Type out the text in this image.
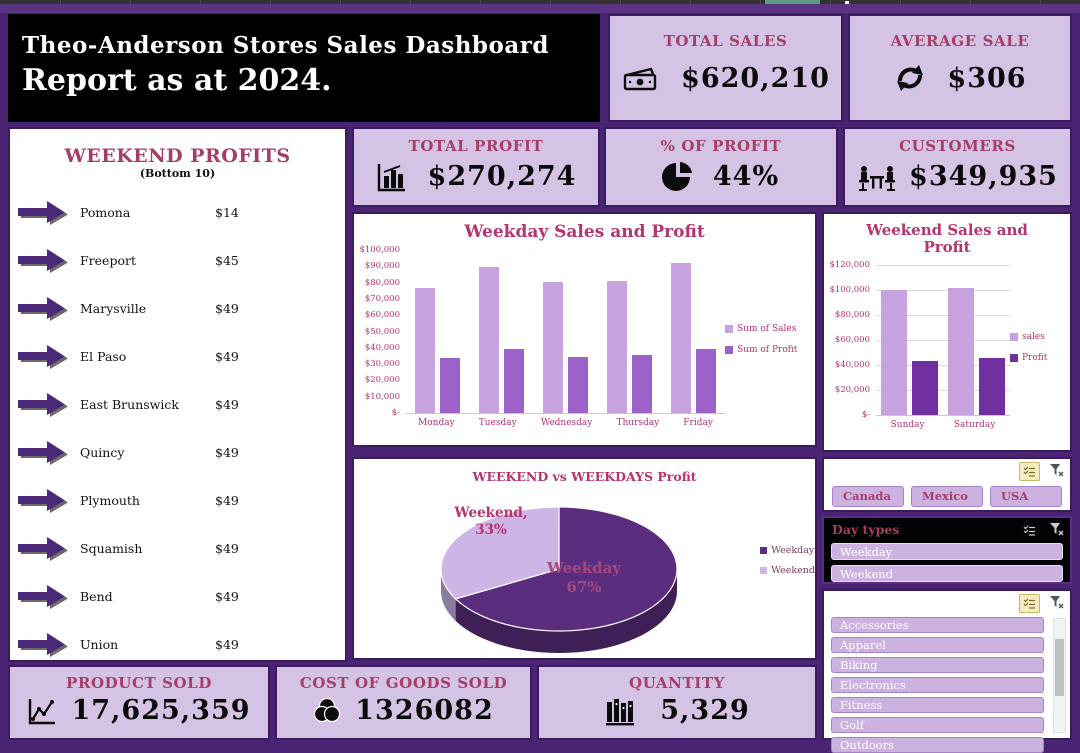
Theo-Anderson Stores Sales Dashboard
Report as at 2024.
TOTAL SALES
$620,210
AVERAGE SALE
$306
TOTAL PROFIT
$270,274
% OF PROFIT
44%
CUSTOMERS
$349,935
WEEKEND PROFITS
(Bottom 10)
Pomona	$14
Freeport	$45
Marysville	$49
El Paso	$49
East Brunswick	$49
Quincy	$49
Plymouth	$49
Squamish	$49
Bend	$49
Union	$49
Weekday Sales and Profit
$100,000
$90,000
$80,000
$70,000
$60,000
$50,000
$40,000
$30,000
$20,000
$10,000
$-
Monday	Tuesday	Wednesday	Thursday	Friday
Sum of Sales
Sum of Profit
Weekend Sales and Profit
$120,000
$100,000
$80,000
$60,000
$40,000
$20,000
$-
Sunday	Saturday
sales
Profit
WEEKEND vs WEEKDAYS Profit
Weekend,
33%
Weekday
67%
Weekday
Weekend
Canada	Mexico	USA
Day types
Weekday
Weekend
Accessories
Apparel
Biking
Electronics
Fitness
Golf
Outdoors
PRODUCT SOLD
17,625,359
COST OF GOODS SOLD
1326082
QUANTITY
5,329
